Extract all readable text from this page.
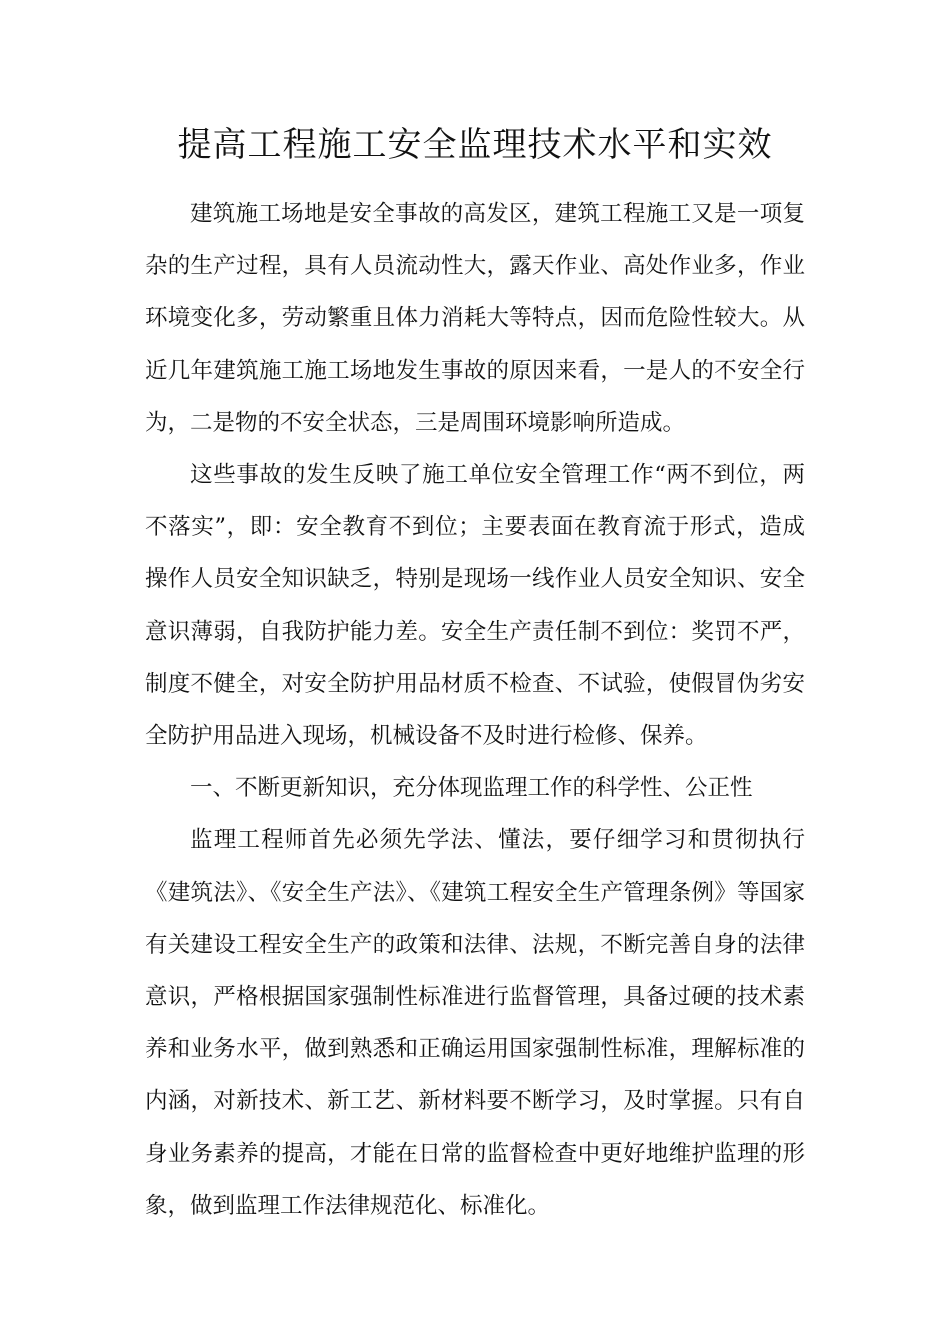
提高工程施工安全监理技术水平和实效

建筑施工场地是安全事故的高发区，建筑工程施工又是一项复杂的生产过程，具有人员流动性大，露天作业、高处作业多，作业环境变化多，劳动繁重且体力消耗大等特点，因而危险性较大。从近几年建筑施工施工场地发生事故的原因来看，一是人的不安全行为，二是物的不安全状态，三是周围环境影响所造成。

这些事故的发生反映了施工单位安全管理工作“两不到位，两不落实”，即：安全教育不到位；主要表面在教育流于形式，造成操作人员安全知识缺乏，特别是现场一线作业人员安全知识、安全意识薄弱，自我防护能力差。安全生产责任制不到位：奖罚不严，制度不健全，对安全防护用品材质不检查、不试验，使假冒伪劣安全防护用品进入现场，机械设备不及时进行检修、保养。

一、不断更新知识，充分体现监理工作的科学性、公正性

监理工程师首先必须先学法、懂法，要仔细学习和贯彻执行《建筑法》、《安全生产法》、《建筑工程安全生产管理条例》等国家有关建设工程安全生产的政策和法律、法规，不断完善自身的法律意识，严格根据国家强制性标准进行监督管理，具备过硬的技术素养和业务水平，做到熟悉和正确运用国家强制性标准，理解标准的内涵，对新技术、新工艺、新材料要不断学习，及时掌握。只有自身业务素养的提高，才能在日常的监督检查中更好地维护监理的形象，做到监理工作法律规范化、标准化。
